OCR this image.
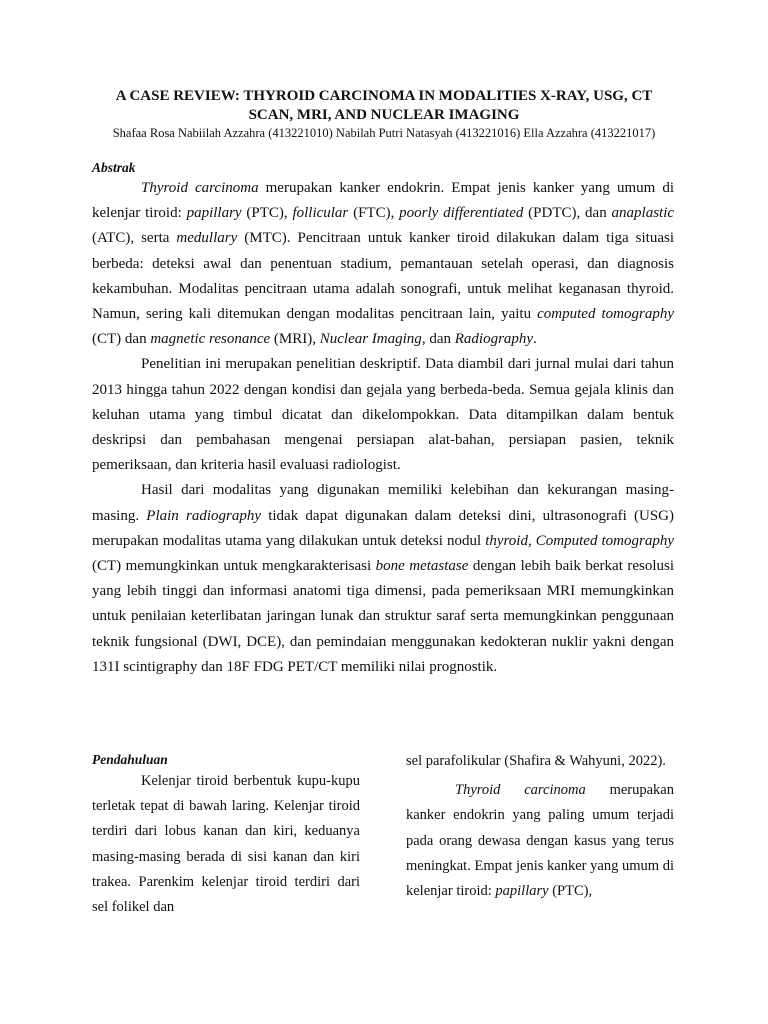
A CASE REVIEW: THYROID CARCINOMA IN MODALITIES X-RAY, USG, CT SCAN, MRI, AND NUCLEAR IMAGING

Shafaa Rosa Nabiilah Azzahra (413221010) Nabilah Putri Natasyah (413221016) Ella Azzahra (413221017)

Abstrak

Thyroid carcinoma merupakan kanker endokrin. Empat jenis kanker yang umum di kelenjar tiroid: papillary (PTC), follicular (FTC), poorly differentiated (PDTC), dan anaplastic (ATC), serta medullary (MTC). Pencitraan untuk kanker tiroid dilakukan dalam tiga situasi berbeda: deteksi awal dan penentuan stadium, pemantauan setelah operasi, dan diagnosis kekambuhan. Modalitas pencitraan utama adalah sonografi, untuk melihat keganasan thyroid. Namun, sering kali ditemukan dengan modalitas pencitraan lain, yaitu computed tomography (CT) dan magnetic resonance (MRI), Nuclear Imaging, dan Radiography.

Penelitian ini merupakan penelitian deskriptif. Data diambil dari jurnal mulai dari tahun 2013 hingga tahun 2022 dengan kondisi dan gejala yang berbeda-beda. Semua gejala klinis dan keluhan utama yang timbul dicatat dan dikelompokkan. Data ditampilkan dalam bentuk deskripsi dan pembahasan mengenai persiapan alat-bahan, persiapan pasien, teknik pemeriksaan, dan kriteria hasil evaluasi radiologist.

Hasil dari modalitas yang digunakan memiliki kelebihan dan kekurangan masing-masing. Plain radiography tidak dapat digunakan dalam deteksi dini, ultrasonografi (USG) merupakan modalitas utama yang dilakukan untuk deteksi nodul thyroid, Computed tomography (CT) memungkinkan untuk mengkarakterisasi bone metastase dengan lebih baik berkat resolusi yang lebih tinggi dan informasi anatomi tiga dimensi, pada pemeriksaan MRI memungkinkan untuk penilaian keterlibatan jaringan lunak dan struktur saraf serta memungkinkan penggunaan teknik fungsional (DWI, DCE), dan pemindaian menggunakan kedokteran nuklir yakni dengan 131I scintigraphy dan 18F FDG PET/CT memiliki nilai prognostik.

Pendahuluan

Kelenjar tiroid berbentuk kupu-kupu terletak tepat di bawah laring. Kelenjar tiroid terdiri dari lobus kanan dan kiri, keduanya masing-masing berada di sisi kanan dan kiri trakea. Parenkim kelenjar tiroid terdiri dari sel folikel dan

sel parafolikular (Shafira & Wahyuni, 2022).

Thyroid carcinoma merupakan kanker endokrin yang paling umum terjadi pada orang dewasa dengan kasus yang terus meningkat. Empat jenis kanker yang umum di kelenjar tiroid: papillary (PTC),
